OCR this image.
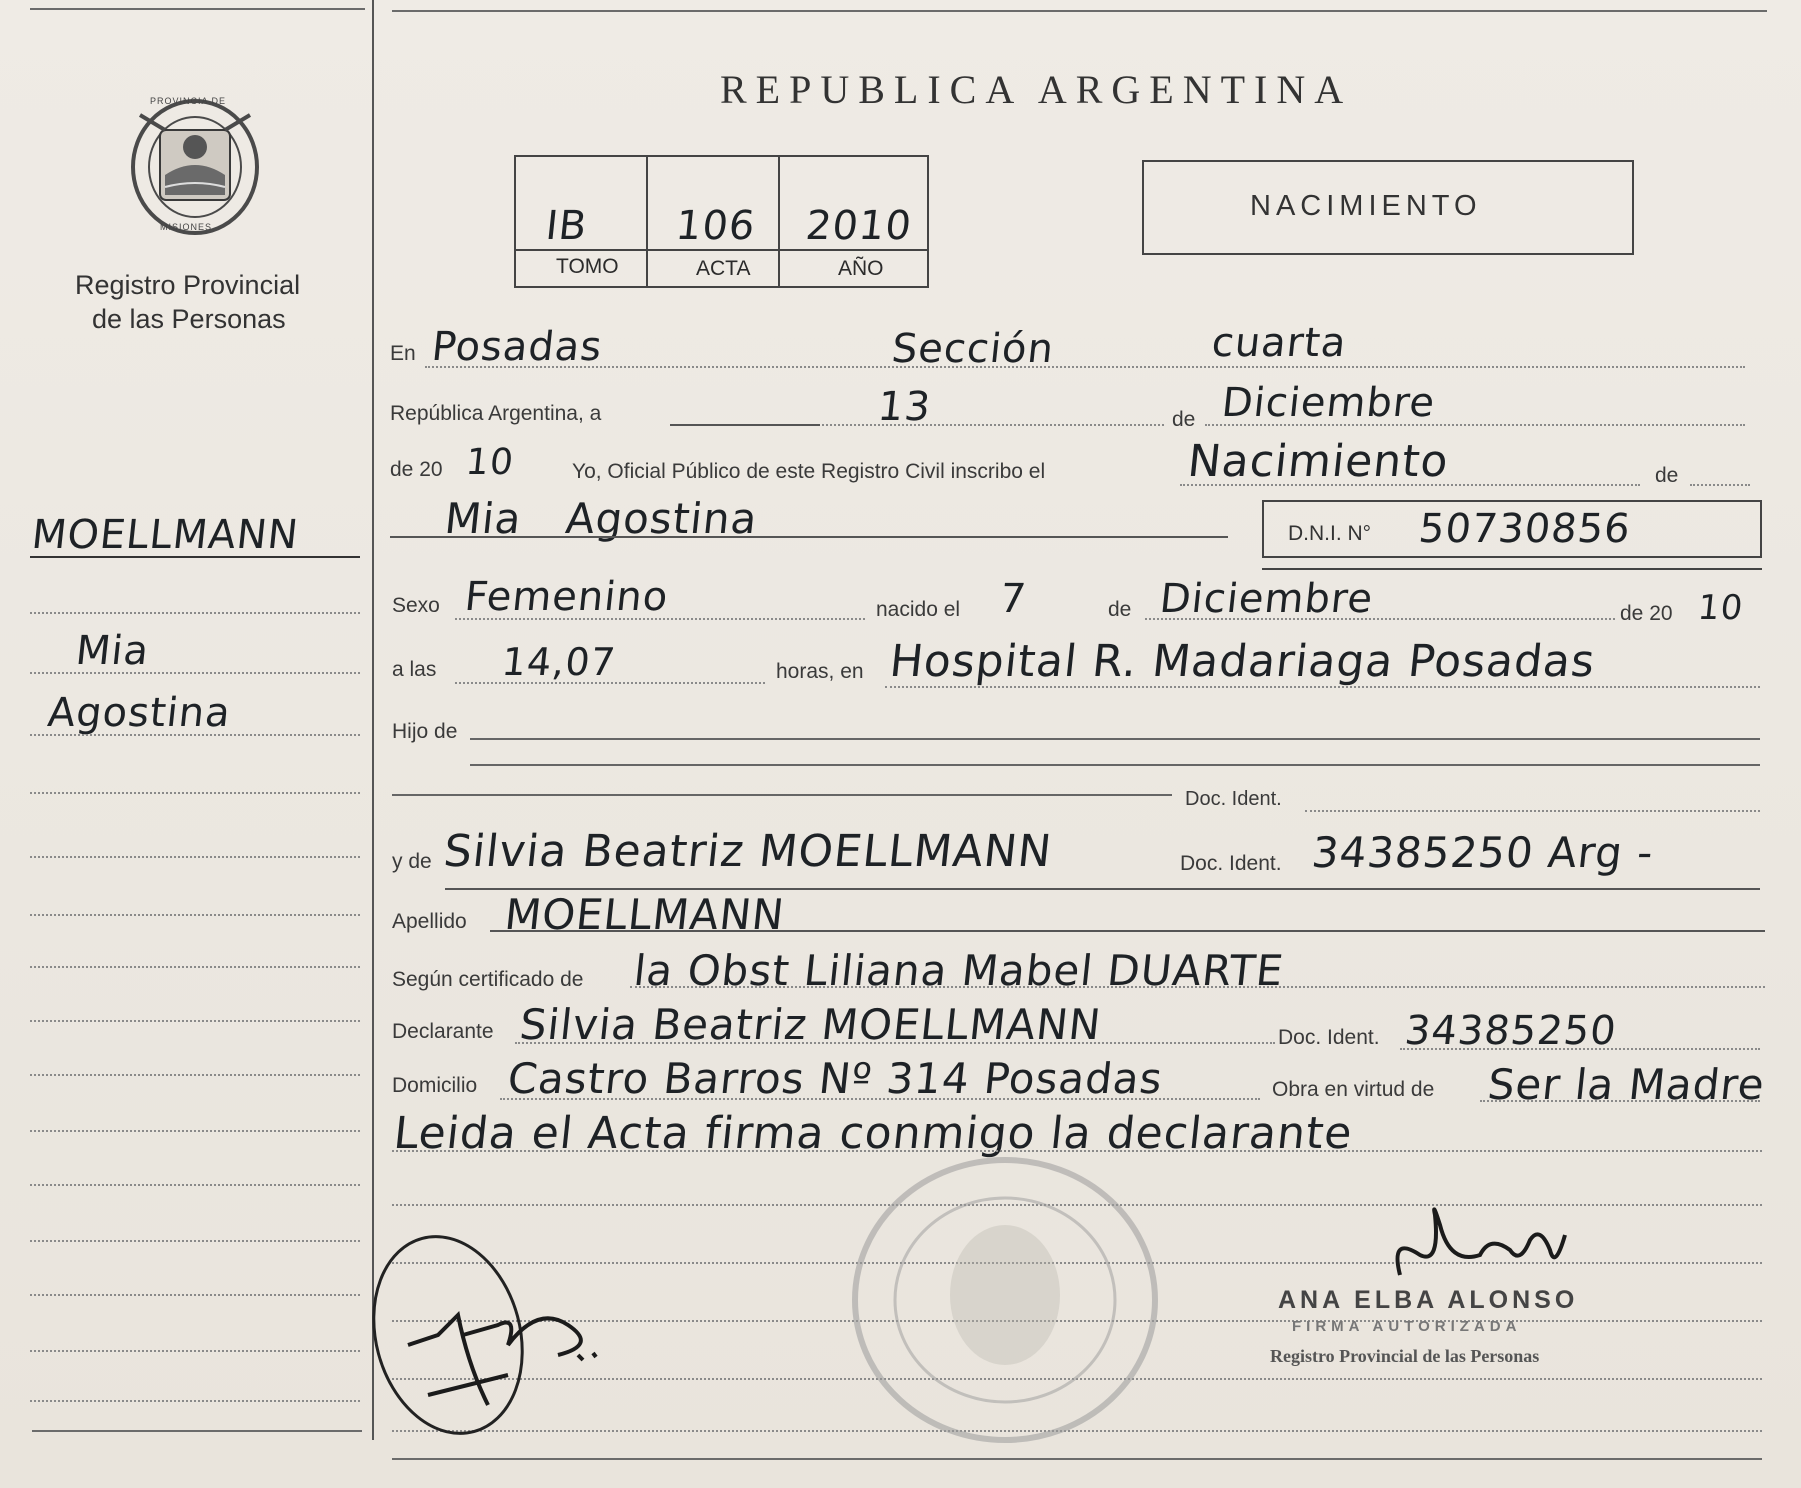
PROVINCIA DE
MISIONES
Registro Provincial
de las Personas
MOELLMANN
Mia
Agostina
REPUBLICA ARGENTINA
IB 106 2010
TOMO	ACTA	AÑO
NACIMIENTO
En Posadas	Sección	cuarta
República Argentina, a	13	de Diciembre
de 20 10	Yo, Oficial Público de este Registro Civil inscribo el	Nacimiento	de
Mia Agostina	D.N.I. N° 50730856
Sexo Femenino	nacido el 7	de Diciembre	de 20 10
a las 14,07	horas, en Hospital R. Madariaga Posadas
Hijo de
Doc. Ident.
y de Silvia Beatriz MOELLMANN	Doc. Ident. 34385250 Arg -
Apellido MOELLMANN
Según certificado de la Obst Liliana Mabel DUARTE
Declarante Silvia Beatriz MOELLMANN	Doc. Ident. 34385250
Domicilio Castro Barros Nº 314 Posadas	Obra en virtud de Ser la Madre
Leida el Acta firma conmigo la declarante
ANA ELBA ALONSO
FIRMA AUTORIZADA
Registro Provincial de las Personas
